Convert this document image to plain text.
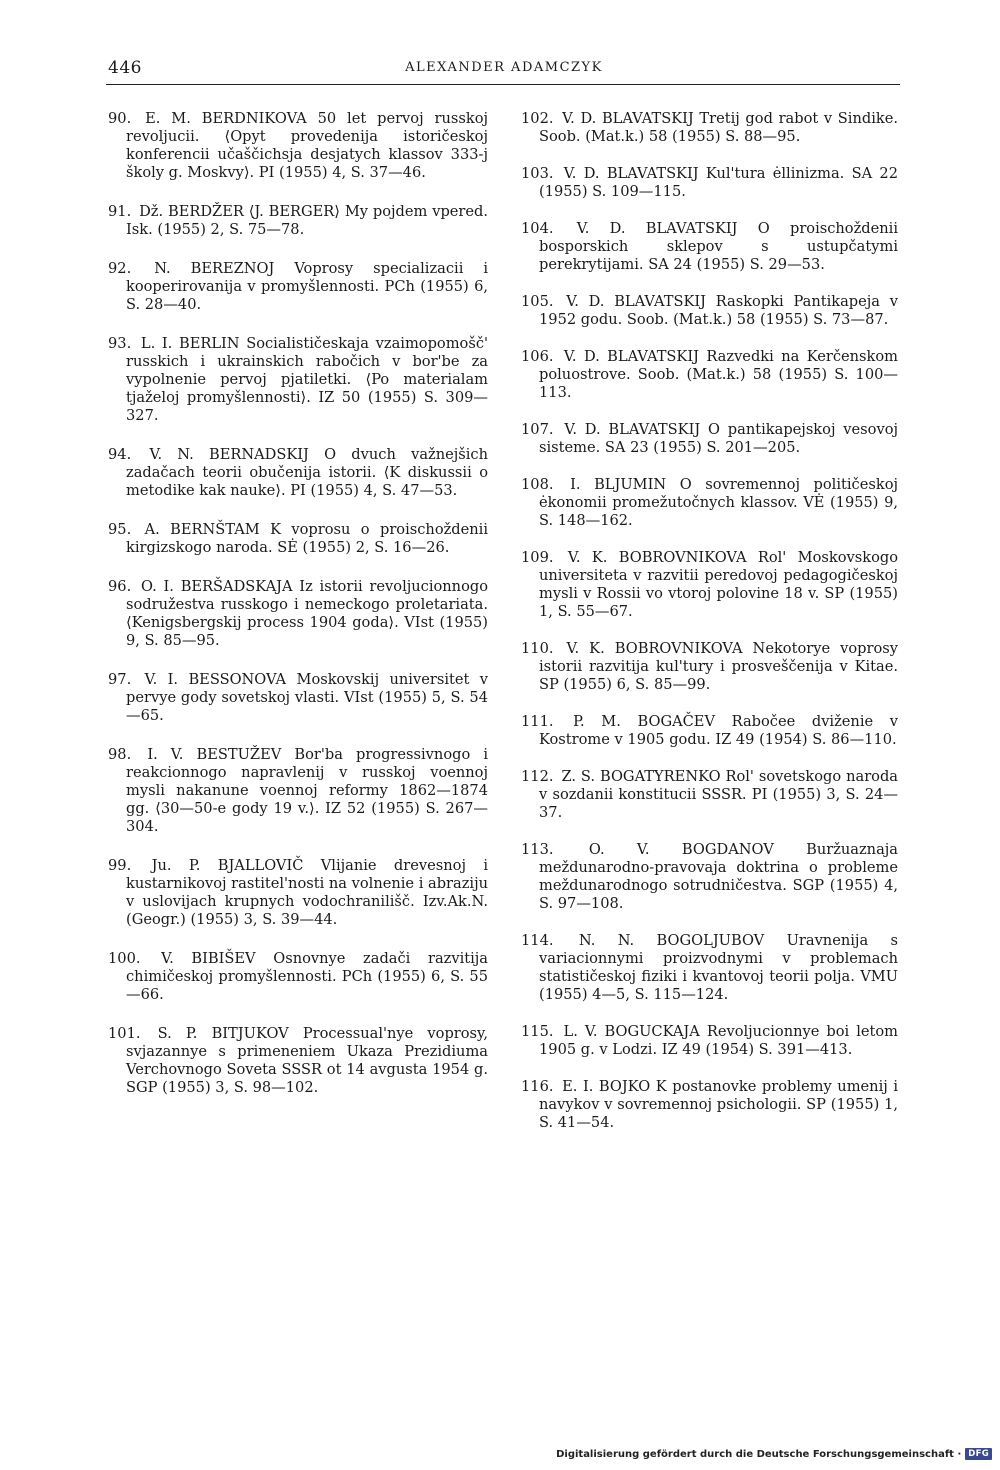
446	ALEXANDER ADAMCZYK
90. E. M. BERDNIKOVA 50 let pervoj russkoj revoljucii. ⟨Opyt provedenija istoričeskoj konferencii učaščichsja desjatych klassov 333-j školy g. Moskvy⟩. PI (1955) 4, S. 37—46.
91. Dž. BERDŽER ⟨J. BERGER⟩ My pojdem vpered. Isk. (1955) 2, S. 75—78.
92. N. BEREZNOJ Voprosy specializacii i kooperirovanija v promyšlennosti. PCh (1955) 6, S. 28—40.
93. L. I. BERLIN Socialističeskaja vzaimopomošč' russkich i ukrainskich rabočich v bor'be za vypolnenie pervoj pjatiletki. ⟨Po materialam tjaželoj promyšlennosti⟩. IZ 50 (1955) S. 309—327.
94. V. N. BERNADSKIJ O dvuch važnejšich zadačach teorii obučenija istorii. ⟨K diskussii o metodike kak nauke⟩. PI (1955) 4, S. 47—53.
95. A. BERNŠTAM K voprosu o proischoždenii kirgizskogo naroda. SĖ (1955) 2, S. 16—26.
96. O. I. BERŠADSKAJA Iz istorii revoljucionnogo sodružestva russkogo i nemeckogo proletariata. ⟨Kenigsbergskij process 1904 goda⟩. VIst (1955) 9, S. 85—95.
97. V. I. BESSONOVA Moskovskij universitet v pervye gody sovetskoj vlasti. VIst (1955) 5, S. 54—65.
98. I. V. BESTUŽEV Bor'ba progressivnogo i reakcionnogo napravlenij v russkoj voennoj mysli nakanune voennoj reformy 1862—1874 gg. ⟨30—50-e gody 19 v.⟩. IZ 52 (1955) S. 267—304.
99. Ju. P. BJALLOVIČ Vlijanie drevesnoj i kustarnikovoj rastitel'nosti na volnenie i abraziju v uslovijach krupnych vodochranilišč. Izv.Ak.N. (Geogr.) (1955) 3, S. 39—44.
100. V. BIBIŠEV Osnovnye zadači razvitija chimičeskoj promyšlennosti. PCh (1955) 6, S. 55—66.
101. S. P. BITJUKOV Processual'nye voprosy, svjazannye s primeneniem Ukaza Prezidiuma Verchovnogo Soveta SSSR ot 14 avgusta 1954 g. SGP (1955) 3, S. 98—102.
102. V. D. BLAVATSKIJ Tretij god rabot v Sindike. Soob. (Mat.k.) 58 (1955) S. 88—95.
103. V. D. BLAVATSKIJ Kul'tura ėllinizma. SA 22 (1955) S. 109—115.
104. V. D. BLAVATSKIJ O proischoždenii bosporskich sklepov s ustupčatymi perekrytijami. SA 24 (1955) S. 29—53.
105. V. D. BLAVATSKIJ Raskopki Pantikapeja v 1952 godu. Soob. (Mat.k.) 58 (1955) S. 73—87.
106. V. D. BLAVATSKIJ Razvedki na Kerčenskom poluostrove. Soob. (Mat.k.) 58 (1955) S. 100—113.
107. V. D. BLAVATSKIJ O pantikapejskoj vesovoj sisteme. SA 23 (1955) S. 201—205.
108. I. BLJUMIN O sovremennoj političeskoj ėkonomii promežutočnych klassov. VĖ (1955) 9, S. 148—162.
109. V. K. BOBROVNIKOVA Rol' Moskovskogo universiteta v razvitii peredovoj pedagogičeskoj mysli v Rossii vo vtoroj polovine 18 v. SP (1955) 1, S. 55—67.
110. V. K. BOBROVNIKOVA Nekotorye voprosy istorii razvitija kul'tury i prosveščenija v Kitae. SP (1955) 6, S. 85—99.
111. P. M. BOGAČEV Rabočee dviženie v Kostrome v 1905 godu. IZ 49 (1954) S. 86—110.
112. Z. S. BOGATYRENKO Rol' sovetskogo naroda v sozdanii konstitucii SSSR. PI (1955) 3, S. 24—37.
113. O. V. BOGDANOV Buržuaznaja meždunarodno-pravovaja doktrina o probleme meždunarodnogo sotrudničestva. SGP (1955) 4, S. 97—108.
114. N. N. BOGOLJUBOV Uravnenija s variacionnymi proizvodnymi v problemach statističeskoj fiziki i kvantovoj teorii polja. VMU (1955) 4—5, S. 115—124.
115. L. V. BOGUCKAJA Revoljucionnye boi letom 1905 g. v Lodzi. IZ 49 (1954) S. 391—413.
116. E. I. BOJKO K postanovke problemy umenij i navykov v sovremennoj psichologii. SP (1955) 1, S. 41—54.
Digitalisierung gefördert durch die Deutsche Forschungsgemeinschaft · DFG
